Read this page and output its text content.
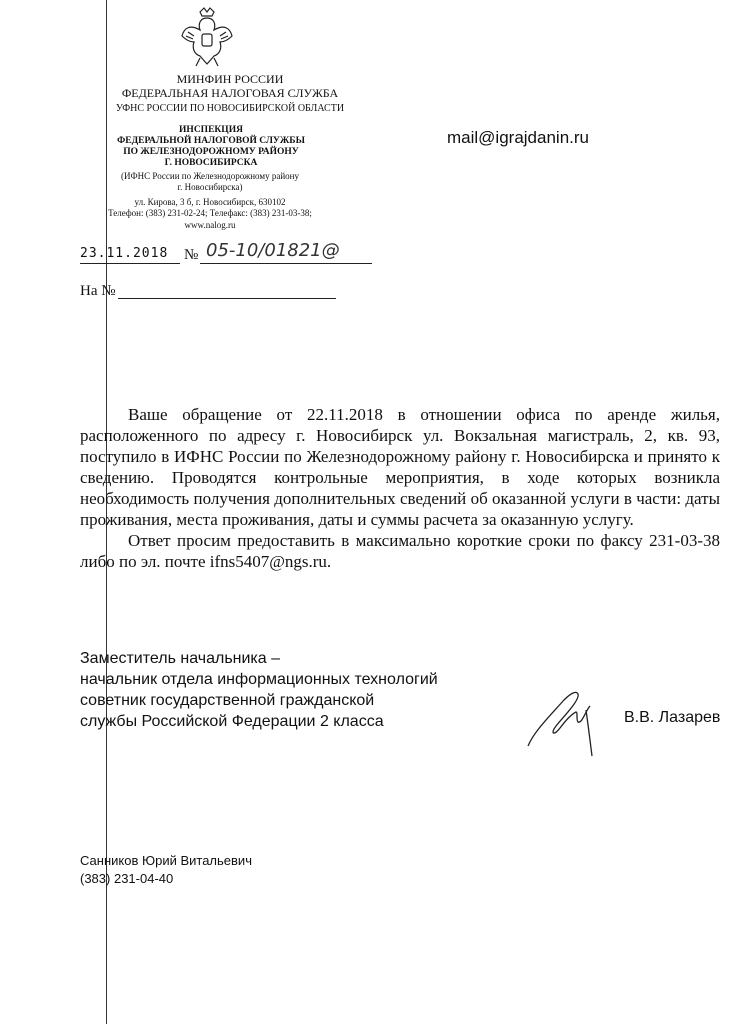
МИНФИН РОССИИ
ФЕДЕРАЛЬНАЯ НАЛОГОВАЯ СЛУЖБА
УФНС РОССИИ ПО НОВОСИБИРСКОЙ ОБЛАСТИ
ИНСПЕКЦИЯ
ФЕДЕРАЛЬНОЙ НАЛОГОВОЙ СЛУЖБЫ
ПО ЖЕЛЕЗНОДОРОЖНОМУ РАЙОНУ
Г. НОВОСИБИРСКА
(ИФНС России по Железнодорожному району
г. Новосибирска)
ул. Кирова, 3 б, г. Новосибирск, 630102
Телефон: (383) 231-02-24; Телефакс: (383) 231-03-38;
www.nalog.ru
mail@igrajdanin.ru
23.11.2018 № 05-10/01821@
На №

Ваше обращение от 22.11.2018 в отношении офиса по аренде жилья, расположенного по адресу г. Новосибирск ул. Вокзальная магистраль, 2, кв. 93, поступило в ИФНС России по Железнодорожному району г. Новосибирска и принято к сведению. Проводятся контрольные мероприятия, в ходе которых возникла необходимость получения дополнительных сведений об оказанной услуги в части: даты проживания, места проживания, даты и суммы расчета за оказанную услугу.

Ответ просим предоставить в максимально короткие сроки по факсу 231-03-38 либо по эл. почте ifns5407@ngs.ru.

Заместитель начальника –
начальник отдела информационных технологий
советник государственной гражданской
службы Российской Федерации 2 класса	В.В. Лазарев
Санников Юрий Витальевич
(383) 231-04-40
